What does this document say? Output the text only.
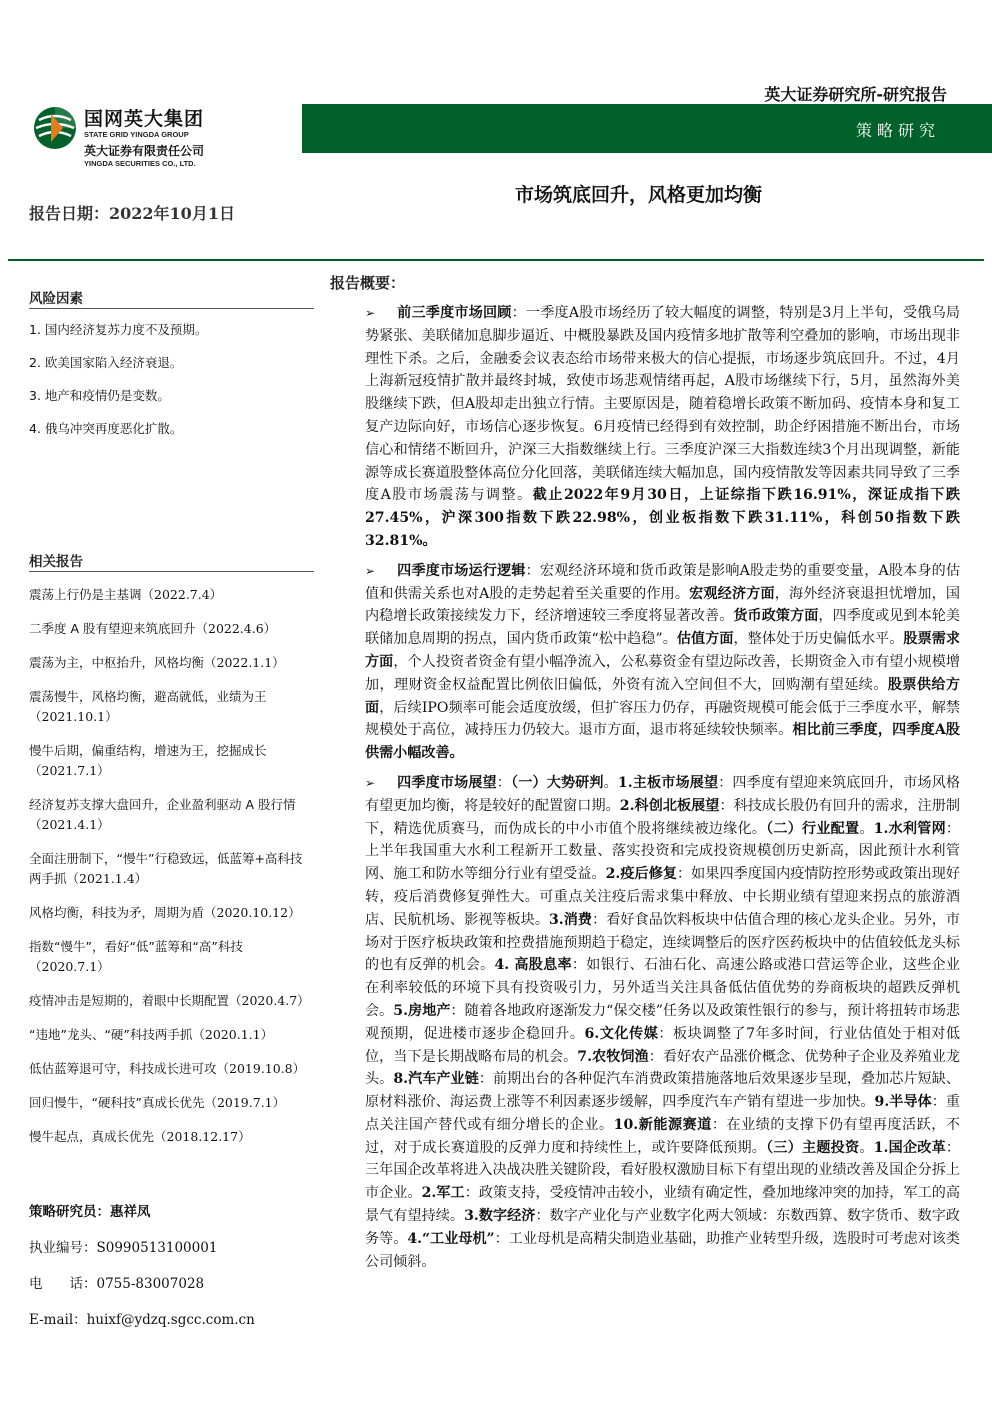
国网英大集团
STATE GRID YINGDA GROUP
英大证券有限责任公司
YINGDA SECURITIES CO., LTD.
英大证券研究所-研究报告
策略研究
报告日期：2022年10月1日
市场筑底回升，风格更加均衡
风险因素
1. 国内经济复苏力度不及预期。
2. 欧美国家陷入经济衰退。
3. 地产和疫情仍是变数。
4. 俄乌冲突再度恶化扩散。
相关报告
震荡上行仍是主基调（2022.7.4）
二季度 A 股有望迎来筑底回升（2022.4.6）
震荡为主，中枢抬升，风格均衡（2022.1.1）
震荡慢牛，风格均衡，避高就低，业绩为王（2021.10.1）
慢牛后期，偏重结构，增速为王，挖掘成长（2021.7.1）
经济复苏支撑大盘回升，企业盈利驱动 A 股行情（2021.4.1）
全面注册制下，“慢牛”行稳致远，低蓝筹+高科技两手抓（2021.1.4）
风格均衡，科技为矛，周期为盾（2020.10.12）
指数“慢牛”，看好“低”蓝筹和“高”科技（2020.7.1）
疫情冲击是短期的，着眼中长期配置（2020.4.7）
“违地”龙头、“硬”科技两手抓（2020.1.1）
低估蓝筹退可守，科技成长进可攻（2019.10.8）
回归慢牛，“硬科技”真成长优先（2019.7.1）
慢牛起点，真成长优先（2018.12.17）
策略研究员：惠祥凤
执业编号：S0990513100001
电　　话：0755-83007028
E-mail：huixf@ydzq.sgcc.com.cn
报告概要：

➢ 前三季度市场回顾：一季度A股市场经历了较大幅度的调整，特别是3月上半旬，受俄乌局势紧张、美联储加息脚步逼近、中概股暴跌及国内疫情多地扩散等利空叠加的影响，市场出现非理性下杀。之后，金融委会议表态给市场带来极大的信心提振，市场逐步筑底回升。不过，4月上海新冠疫情扩散并最终封城，致使市场悲观情绪再起，A股市场继续下行，5月，虽然海外美股继续下跌，但A股却走出独立行情。主要原因是，随着稳增长政策不断加码、疫情本身和复工复产边际向好，市场信心逐步恢复。6月疫情已经得到有效控制，助企纾困措施不断出台，市场信心和情绪不断回升，沪深三大指数继续上行。三季度沪深三大指数连续3个月出现调整，新能源等成长赛道股整体高位分化回落，美联储连续大幅加息，国内疫情散发等因素共同导致了三季度A股市场震荡与调整。截止2022年9月30日，上证综指下跌16.91%，深证成指下跌27.45%，沪深300指数下跌22.98%，创业板指数下跌31.11%，科创50指数下跌32.81%。

➢ 四季度市场运行逻辑：宏观经济环境和货币政策是影响A股走势的重要变量，A股本身的估值和供需关系也对A股的走势起着至关重要的作用。宏观经济方面，海外经济衰退担忧增加，国内稳增长政策接续发力下，经济增速较三季度将显著改善。货币政策方面，四季度或见到本轮美联储加息周期的拐点，国内货币政策“松中趋稳”。估值方面，整体处于历史偏低水平。股票需求方面，个人投资者资金有望小幅净流入，公私募资金有望边际改善，长期资金入市有望小规模增加，理财资金权益配置比例依旧偏低，外资有流入空间但不大，回购潮有望延续。股票供给方面，后续IPO频率可能会适度放缓，但扩容压力仍存，再融资规模可能会低于三季度水平，解禁规模处于高位，减持压力仍较大。退市方面，退市将延续较快频率。相比前三季度，四季度A股供需小幅改善。

➢ 四季度市场展望：（一）大势研判。1.主板市场展望：四季度有望迎来筑底回升，市场风格有望更加均衡，将是较好的配置窗口期。2.科创北板展望：科技成长股仍有回升的需求，注册制下，精选优质赛马，而伪成长的中小市值个股将继续被边缘化。（二）行业配置。1.水利管网：上半年我国重大水利工程新开工数量、落实投资和完成投资规模创历史新高，因此预计水利管网、施工和防水等细分行业有望受益。2.疫后修复：如果四季度国内疫情防控形势或政策出现好转，疫后消费修复弹性大。可重点关注疫后需求集中释放、中长期业绩有望迎来拐点的旅游酒店、民航机场、影视等板块。3.消费：看好食品饮料板块中估值合理的核心龙头企业。另外，市场对于医疗板块政策和控费措施预期趋于稳定，连续调整后的医疗医药板块中的估值较低龙头标的也有反弹的机会。4. 高股息率：如银行、石油石化、高速公路或港口营运等企业，这些企业在利率较低的环境下具有投资吸引力，另外适当关注具备低估值优势的券商板块的超跌反弹机会。5.房地产：随着各地政府逐渐发力“保交楼”任务以及政策性银行的参与，预计将扭转市场悲观预期，促进楼市逐步企稳回升。6.文化传媒：板块调整了7年多时间，行业估值处于相对低位，当下是长期战略布局的机会。7.农牧饲渔：看好农产品涨价概念、优势种子企业及养殖业龙头。8.汽车产业链：前期出台的各种促汽车消费政策措施落地后效果逐步呈现，叠加芯片短缺、原材料涨价、海运费上涨等不利因素逐步缓解，四季度汽车产销有望进一步加快。9.半导体：重点关注国产替代或有细分增长的企业。10.新能源赛道：在业绩的支撑下仍有望再度活跃，不过，对于成长赛道股的反弹力度和持续性上，或许要降低预期。（三）主题投资。1.国企改革：三年国企改革将进入决战决胜关键阶段，看好股权激励目标下有望出现的业绩改善及国企分拆上市企业。2.军工：政策支持，受疫情冲击较小，业绩有确定性，叠加地缘冲突的加持，军工的高景气有望持续。3.数字经济：数字产业化与产业数字化两大领域：东数西算、数字货币、数字政务等。4.“工业母机”：工业母机是高精尖制造业基础，助推产业转型升级，选股时可考虑对该类公司倾斜。
